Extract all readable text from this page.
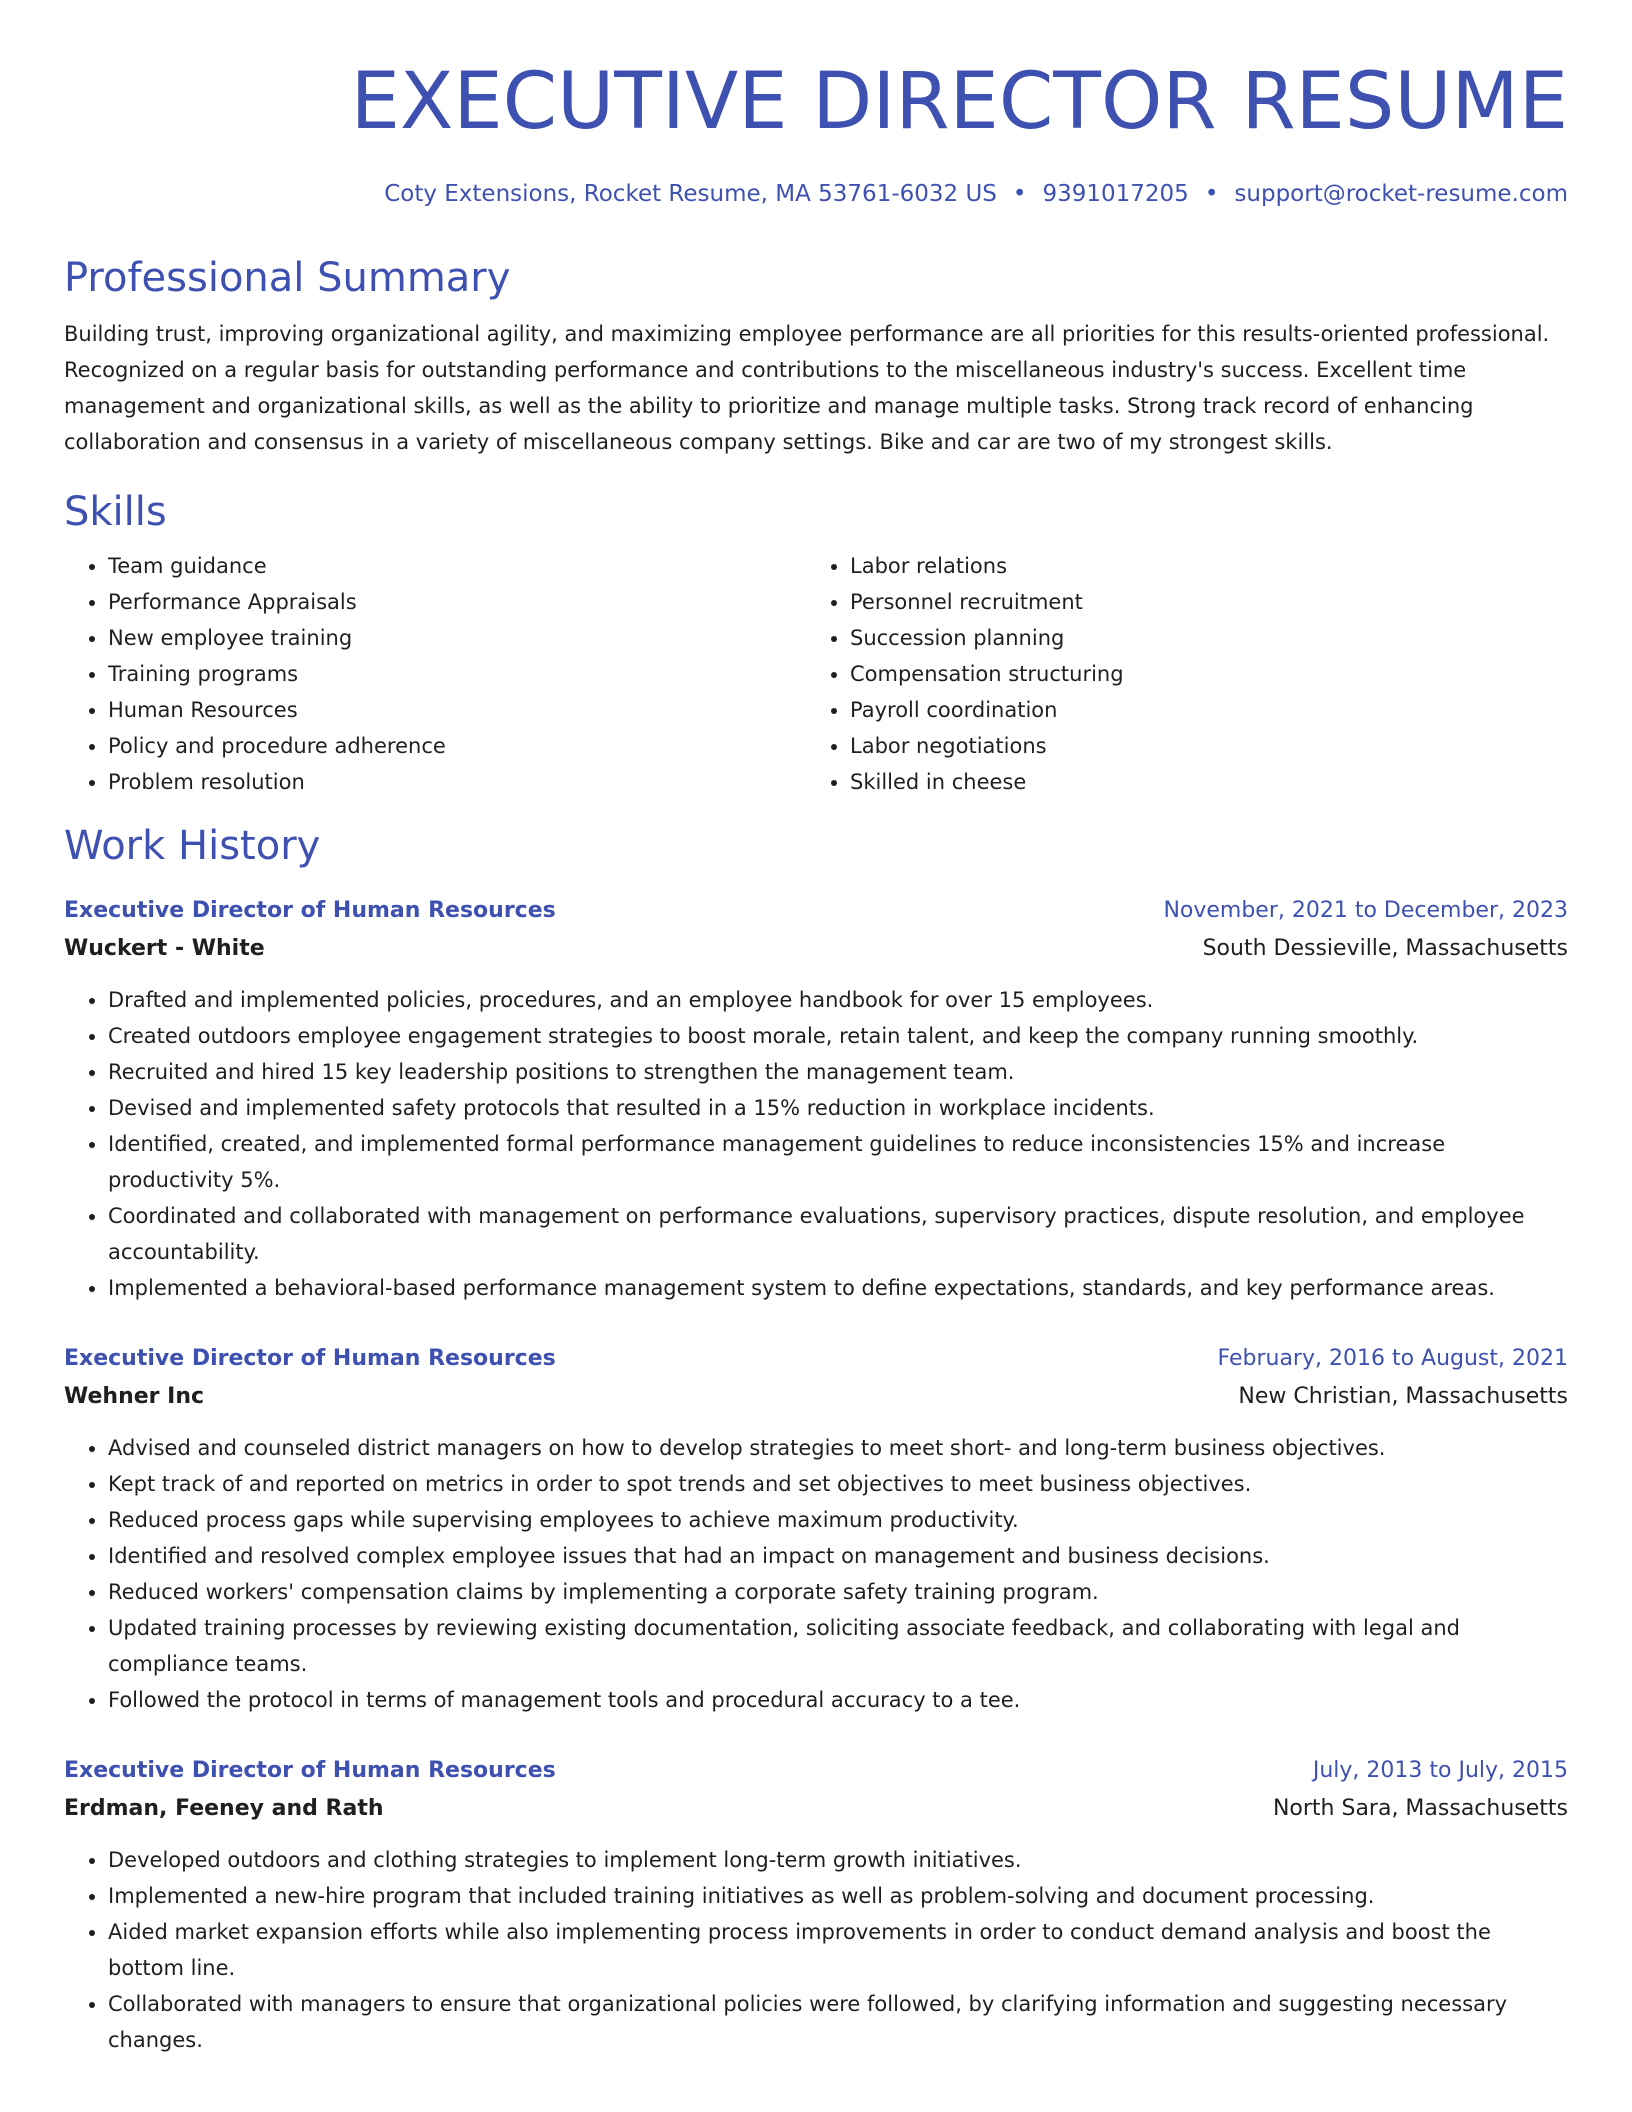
EXECUTIVE DIRECTOR RESUME
Coty Extensions, Rocket Resume, MA 53761-6032 US • 9391017205 • support@rocket-resume.com
Professional Summary

Building trust, improving organizational agility, and maximizing employee performance are all priorities for this results-oriented professional. Recognized on a regular basis for outstanding performance and contributions to the miscellaneous industry's success. Excellent time management and organizational skills, as well as the ability to prioritize and manage multiple tasks. Strong track record of enhancing collaboration and consensus in a variety of miscellaneous company settings. Bike and car are two of my strongest skills.

Skills
• Team guidance
• Performance Appraisals
• New employee training
• Training programs
• Human Resources
• Policy and procedure adherence
• Problem resolution
• Labor relations
• Personnel recruitment
• Succession planning
• Compensation structuring
• Payroll coordination
• Labor negotiations
• Skilled in cheese
Work History
Executive Director of Human Resources	November, 2021 to December, 2023
Wuckert - White	South Dessieville, Massachusetts
• Drafted and implemented policies, procedures, and an employee handbook for over 15 employees.
• Created outdoors employee engagement strategies to boost morale, retain talent, and keep the company running smoothly.
• Recruited and hired 15 key leadership positions to strengthen the management team.
• Devised and implemented safety protocols that resulted in a 15% reduction in workplace incidents.
• Identified, created, and implemented formal performance management guidelines to reduce inconsistencies 15% and increase productivity 5%.
• Coordinated and collaborated with management on performance evaluations, supervisory practices, dispute resolution, and employee accountability.
• Implemented a behavioral-based performance management system to define expectations, standards, and key performance areas.
Executive Director of Human Resources	February, 2016 to August, 2021
Wehner Inc	New Christian, Massachusetts
• Advised and counseled district managers on how to develop strategies to meet short- and long-term business objectives.
• Kept track of and reported on metrics in order to spot trends and set objectives to meet business objectives.
• Reduced process gaps while supervising employees to achieve maximum productivity.
• Identified and resolved complex employee issues that had an impact on management and business decisions.
• Reduced workers' compensation claims by implementing a corporate safety training program.
• Updated training processes by reviewing existing documentation, soliciting associate feedback, and collaborating with legal and compliance teams.
• Followed the protocol in terms of management tools and procedural accuracy to a tee.
Executive Director of Human Resources	July, 2013 to July, 2015
Erdman, Feeney and Rath	North Sara, Massachusetts
• Developed outdoors and clothing strategies to implement long-term growth initiatives.
• Implemented a new-hire program that included training initiatives as well as problem-solving and document processing.
• Aided market expansion efforts while also implementing process improvements in order to conduct demand analysis and boost the bottom line.
• Collaborated with managers to ensure that organizational policies were followed, by clarifying information and suggesting necessary changes.
